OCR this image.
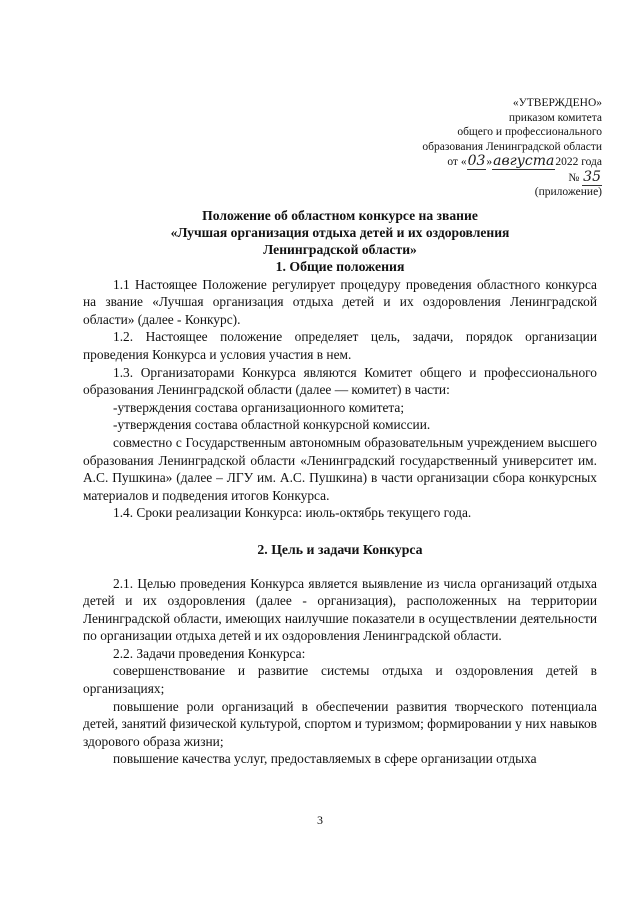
«УТВЕРЖДЕНО»
приказом комитета
общего и профессионального
образования Ленинградской области
от «03»августа2022 года
№ 35
(приложение)
Положение об областном конкурсе на звание
«Лучшая организация отдыха детей и их оздоровления
Ленинградской области»
1. Общие положения

1.1 Настоящее Положение регулирует процедуру проведения областного конкурса на звание «Лучшая организация отдыха детей и их оздоровления Ленинградской области» (далее - Конкурс).

1.2. Настоящее положение определяет цель, задачи, порядок организации проведения Конкурса и условия участия в нем.

1.3. Организаторами Конкурса являются Комитет общего и профессионального образования Ленинградской области (далее — комитет) в части:

-утверждения состава организационного комитета;

-утверждения состава областной конкурсной комиссии.

совместно с Государственным автономным образовательным учреждением высшего образования Ленинградской области «Ленинградский государственный университет им. А.С. Пушкина» (далее – ЛГУ им. А.С. Пушкина) в части организации сбора конкурсных материалов и подведения итогов Конкурса.

1.4. Сроки реализации Конкурса: июль-октябрь текущего года.

2. Цель и задачи Конкурса

2.1. Целью проведения Конкурса является выявление из числа организаций отдыха детей и их оздоровления (далее - организация), расположенных на территории Ленинградской области, имеющих наилучшие показатели в осуществлении деятельности по организации отдыха детей и их оздоровления Ленинградской области.

2.2. Задачи проведения Конкурса:

совершенствование и развитие системы отдыха и оздоровления детей в организациях;

повышение роли организаций в обеспечении развития творческого потенциала детей, занятий физической культурой, спортом и туризмом; формировании у них навыков здорового образа жизни;

повышение качества услуг, предоставляемых в сфере организации отдыха

3
